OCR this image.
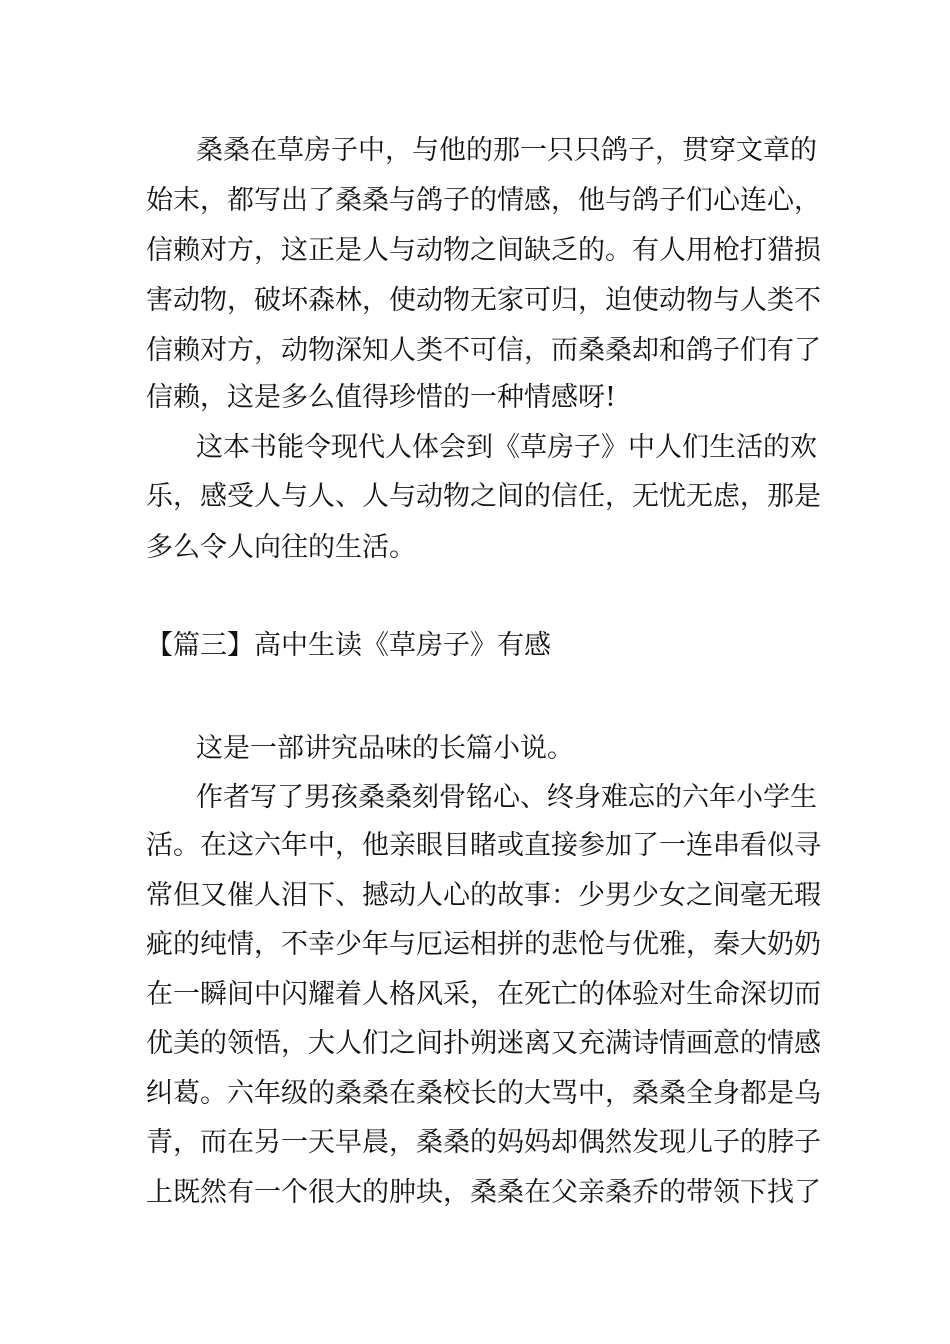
桑桑在草房子中，与他的那一只只鸽子，贯穿文章的
始末，都写出了桑桑与鸽子的情感，他与鸽子们心连心，
信赖对方，这正是人与动物之间缺乏的。有人用枪打猎损
害动物，破坏森林，使动物无家可归，迫使动物与人类不
信赖对方，动物深知人类不可信，而桑桑却和鸽子们有了
信赖，这是多么值得珍惜的一种情感呀!
这本书能令现代人体会到《草房子》中人们生活的欢
乐，感受人与人、人与动物之间的信任，无忧无虑，那是
多么令人向往的生活。
【篇三】高中生读《草房子》有感
这是一部讲究品味的长篇小说。
作者写了男孩桑桑刻骨铭心、终身难忘的六年小学生
活。在这六年中，他亲眼目睹或直接参加了一连串看似寻
常但又催人泪下、撼动人心的故事：少男少女之间毫无瑕
疵的纯情，不幸少年与厄运相拼的悲怆与优雅，秦大奶奶
在一瞬间中闪耀着人格风采，在死亡的体验对生命深切而
优美的领悟，大人们之间扑朔迷离又充满诗情画意的情感
纠葛。六年级的桑桑在桑校长的大骂中，桑桑全身都是乌
青，而在另一天早晨，桑桑的妈妈却偶然发现儿子的脖子
上既然有一个很大的肿块，桑桑在父亲桑乔的带领下找了
